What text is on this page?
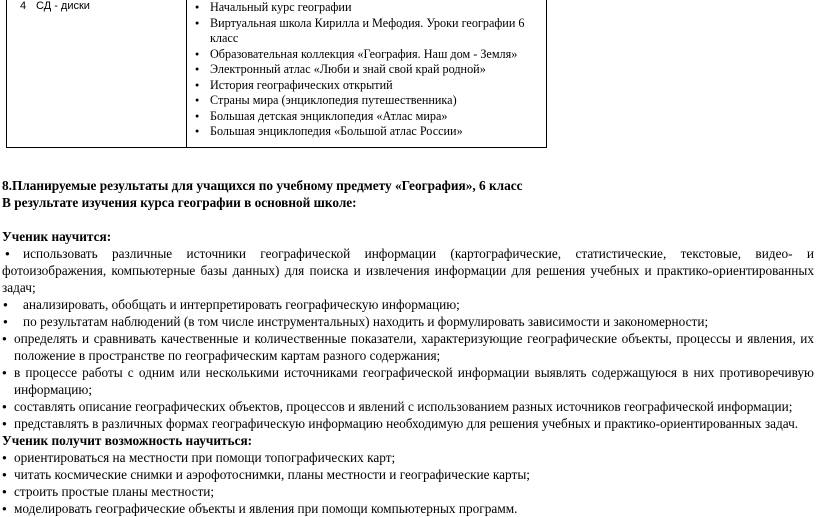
4 СД - диски
●	Начальный курс географии
● Виртуальная школа Кирилла и Мефодия. Уроки географии 6 класс
● Образовательная коллекция «География. Наш дом - Земля»
● Электронный атлас «Люби и знай свой край родной»
● История географических открытий
● Страны мира (энциклопедия путешественника)
● Большая детская энциклопедия «Атлас мира»
● Большая энциклопедия «Большой атлас России»

8.Планируемые результаты для учащихся по учебному предмету «География», 6 класс

В результате изучения курса географии в основной школе:

Ученик научится:

● использовать различные источники географической информации (картографические, статистические, текстовые, видео- и фотоизображения, компьютерные базы данных) для поиска и извлечения информации для решения учебных и практико-ориентированных задач;

● анализировать, обобщать и интерпретировать географическую информацию;

● по результатам наблюдений (в том числе инструментальных) находить и формулировать зависимости и закономерности;

● определять и сравнивать качественные и количественные показатели, характеризующие географические объекты, процессы и явления, их положение в пространстве по географическим картам разного содержания;

● в процессе работы с одним или несколькими источниками географической информации выявлять содержащуюся в них противоречивую информацию;

● составлять описание географических объектов, процессов и явлений с использованием разных источников географической информации;

● представлять в различных формах географическую информацию необходимую для решения учебных и практико-ориентированных задач.

Ученик получит возможность научиться:

● ориентироваться на местности при помощи топографических карт;

● читать космические снимки и аэрофотоснимки, планы местности и географические карты;

● строить простые планы местности;

● моделировать географические объекты и явления при помощи компьютерных программ.
